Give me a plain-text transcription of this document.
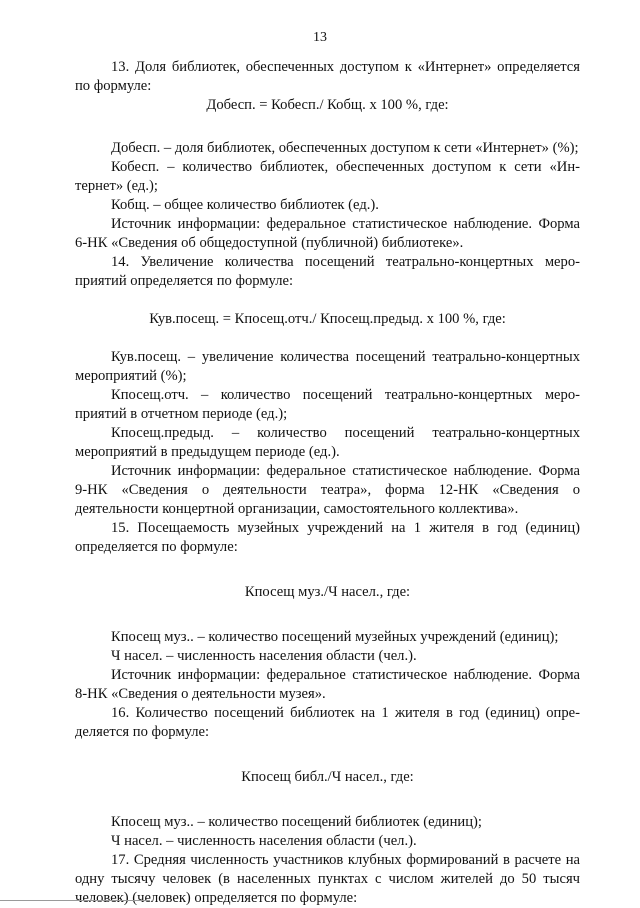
13

13. Доля библиотек, обеспеченных доступом к «Интернет» определяется по формуле:

Добесп. = Кобесп./ Кобщ. х 100 %, где:

Добесп. – доля библиотек, обеспеченных доступом к сети «Интернет» (%);

Кобесп. – количество библиотек, обеспеченных доступом к сети «Интернет» (ед.);

Кобщ. – общее количество библиотек (ед.).

Источник информации: федеральное статистическое наблюдение. Форма 6-НК «Сведения об общедоступной (публичной) библиотеке».

14. Увеличение количества посещений театрально-концертных мероприятий определяется по формуле:

Кув.посещ. = Кпосещ.отч./ Кпосещ.предыд. х 100 %, где:

Кув.посещ. – увеличение количества посещений театрально-концертных мероприятий (%);

Кпосещ.отч. – количество посещений театрально-концертных мероприятий в отчетном периоде (ед.);

Кпосещ.предыд. – количество посещений театрально-концертных мероприятий в предыдущем периоде (ед.).

Источник информации: федеральное статистическое наблюдение. Форма 9-НК «Сведения о деятельности театра», форма 12-НК «Сведения о деятельности концертной организации, самостоятельного коллектива».

15. Посещаемость музейных учреждений на 1 жителя в год (единиц) определяется по формуле:

Кпосещ муз./Ч насел., где:

Кпосещ муз.. – количество посещений музейных учреждений (единиц);

Ч насел. – численность населения области (чел.).

Источник информации: федеральное статистическое наблюдение. Форма 8-НК «Сведения о деятельности музея».

16. Количество посещений библиотек на 1 жителя в год (единиц) определяется по формуле:

Кпосещ библ./Ч насел., где:

Кпосещ муз.. – количество посещений библиотек (единиц);

Ч насел. – численность населения области (чел.).

17. Средняя численность участников клубных формирований в расчете на одну тысячу человек (в населенных пунктах с числом жителей до 50 тысяч человек) (человек) определяется по формуле:
